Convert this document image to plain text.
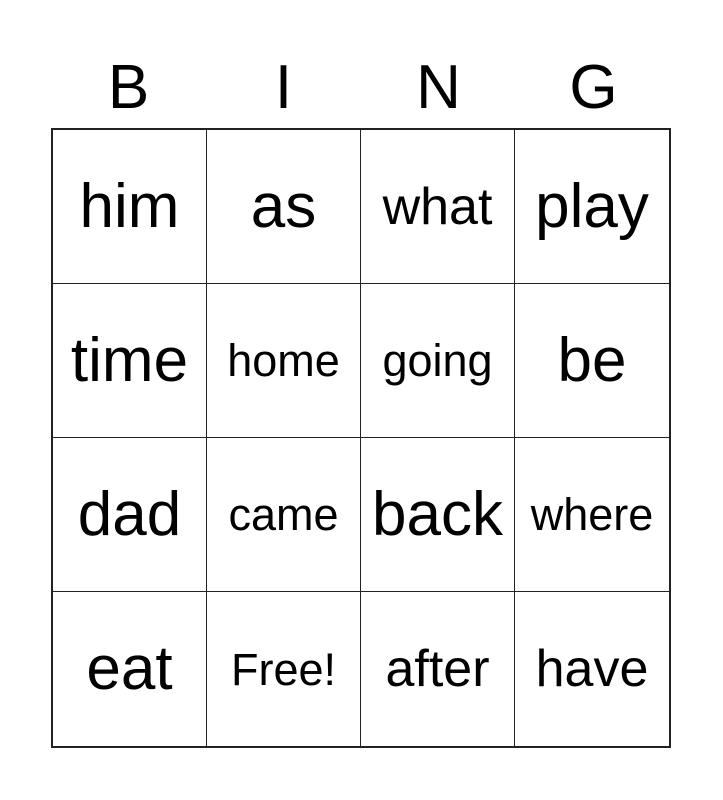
B	I	N	G
him as what play
time home going be
dad came back where
eat Free! after have
